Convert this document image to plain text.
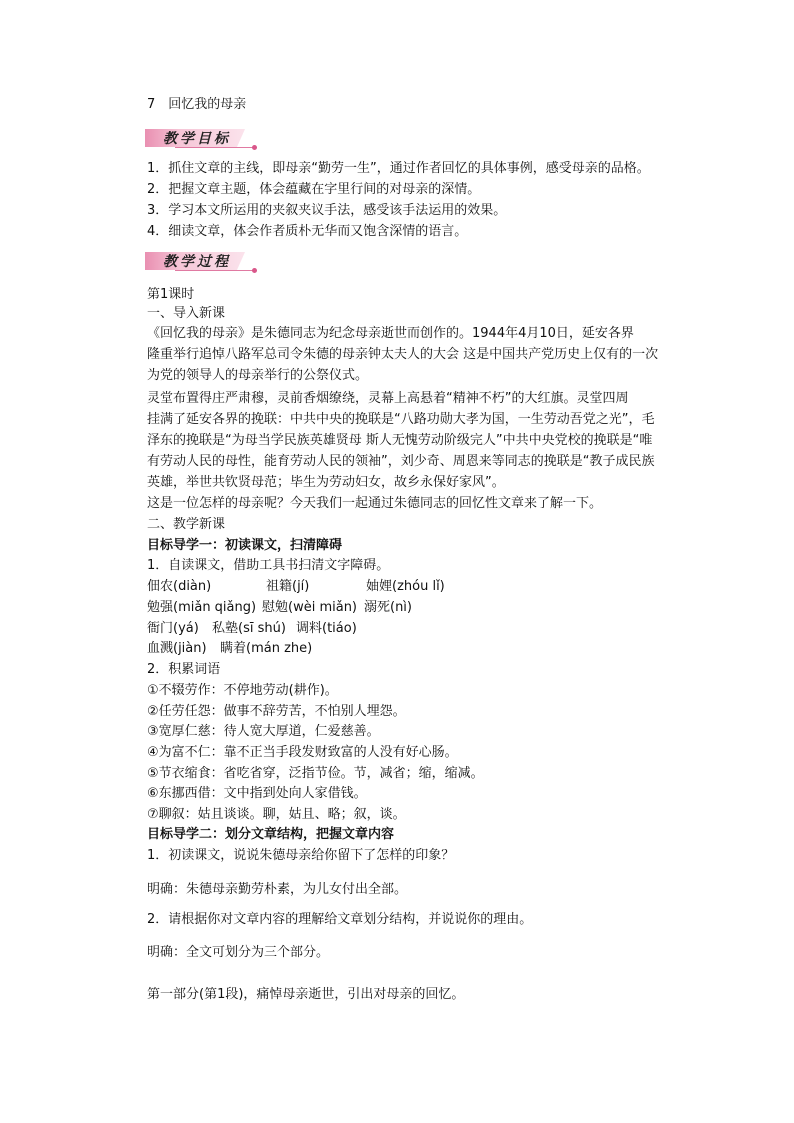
7　回忆我的母亲
教学目标
1．抓住文章的主线，即母亲“勤劳一生”，通过作者回忆的具体事例，感受母亲的品格。
2．把握文章主题，体会蕴藏在字里行间的对母亲的深情。
3．学习本文所运用的夹叙夹议手法，感受该手法运用的效果。
4．细读文章，体会作者质朴无华而又饱含深情的语言。
教学过程
第1课时
一、导入新课
《回忆我的母亲》是朱德同志为纪念母亲逝世而创作的。1944年4月10日，延安各界
隆重举行追悼八路军总司令朱德的母亲钟太夫人的大会 这是中国共产党历史上仅有的一次
为党的领导人的母亲举行的公祭仪式。
灵堂布置得庄严肃穆，灵前香烟缭绕，灵幕上高悬着“精神不朽”的大红旗。灵堂四周
挂满了延安各界的挽联：中共中央的挽联是“八路功勋大孝为国，一生劳动吾党之光”，毛
泽东的挽联是“为母当学民族英雄贤母 斯人无愧劳动阶级完人”中共中央党校的挽联是“唯
有劳动人民的母性，能育劳动人民的领袖”，刘少奇、周恩来等同志的挽联是“教子成民族
英雄，举世共钦贤母范；毕生为劳动妇女，故乡永保好家风”。
这是一位怎样的母亲呢？今天我们一起通过朱德同志的回忆性文章来了解一下。
二、教学新课
目标导学一：初读课文，扫清障碍
1．自读课文，借助工具书扫清文字障碍。
佃农(diàn)	祖籍(jí)	妯娌(zhóu lǐ)
勉强(miǎn qiǎng) 慰勉(wèi miǎn) 溺死(nì)
衙门(yá) 私塾(sī shú) 调料(tiáo)
血溅(jiàn) 瞒着(mán zhe)
2．积累词语
①不辍劳作：不停地劳动(耕作)。
②任劳任怨：做事不辞劳苦，不怕别人埋怨。
③宽厚仁慈：待人宽大厚道，仁爱慈善。
④为富不仁：靠不正当手段发财致富的人没有好心肠。
⑤节衣缩食：省吃省穿，泛指节俭。节，减省；缩，缩减。
⑥东挪西借：文中指到处向人家借钱。
⑦聊叙：姑且谈谈。聊，姑且、略；叙，谈。
目标导学二：划分文章结构，把握文章内容
1．初读课文，说说朱德母亲给你留下了怎样的印象？
明确：朱德母亲勤劳朴素，为儿女付出全部。
2．请根据你对文章内容的理解给文章划分结构，并说说你的理由。
明确：全文可划分为三个部分。
第一部分(第1段)，痛悼母亲逝世，引出对母亲的回忆。
